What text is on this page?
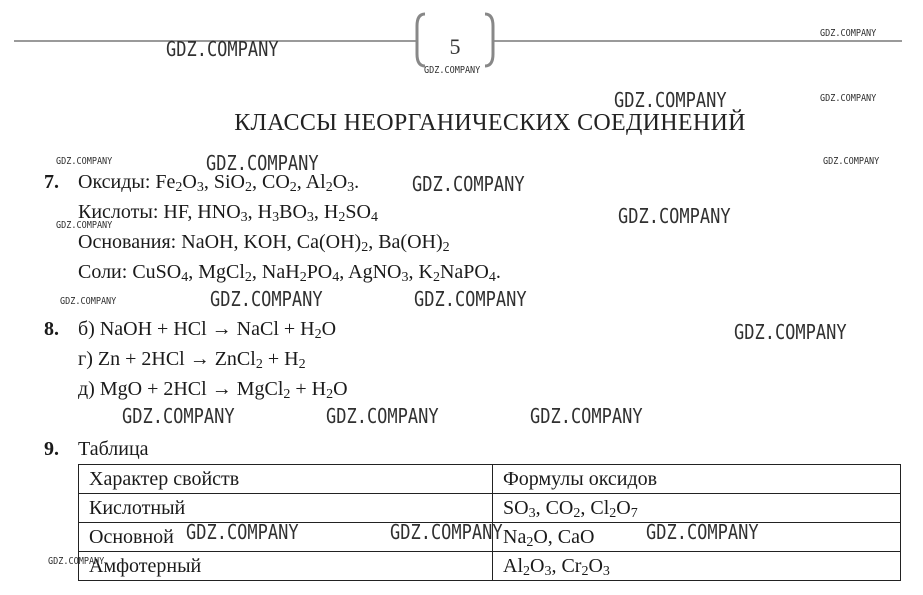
5
КЛАССЫ НЕОРГАНИЧЕСКИХ СОЕДИНЕНИЙ
7. Оксиды: $Fe_2O_3$, SiO$_2$, $CO_2$, $Al_2O_3$.
Кислоты: HF, $HNO_3$, $H_3BO_3$, $H_2SO_4$
Основания: NaOH, KOH, $Ca(OH)_2$, $Ba(OH)_2$
Соли: CuSO$_4$, MgCl$_2$, $NaH_2PO_4$, AgNO$_3$, $K_2NaPO_4$.
8. б) NaOH + HCl → NaCl + $H_2O$
г) Zn + 2HCl → ZnCl$_2$ + $H_2$
д) MgO + 2HCl → MgCl$_2$ + $H_2O$
9. Таблица
Характер свойств	Формулы оксидов
Кислотный	$SO_3$, $CO_2$, $Cl_2O_7$
Основной	$Na_2O$, CaO
Амфотерный	$Al_2O_3$, $Cr_2O_3$
GDZ.COMPANY
GDZ.COMPANY
GDZ.COMPANY
GDZ.COMPANY	GDZ.COMPANY
GDZ.COMPANY	GDZ.COMPANY	GDZ.COMPANY
GDZ.COMPANY
GDZ.COMPANY	GDZ.COMPANY
GDZ.COMPANY	GDZ.COMPANY	GDZ.COMPANY
GDZ.COMPANY
GDZ.COMPANY	GDZ.COMPANY	GDZ.COMPANY
GDZ.COMPANY	GDZ.COMPANY	GDZ.COMPANY
GDZ.COMPANY
